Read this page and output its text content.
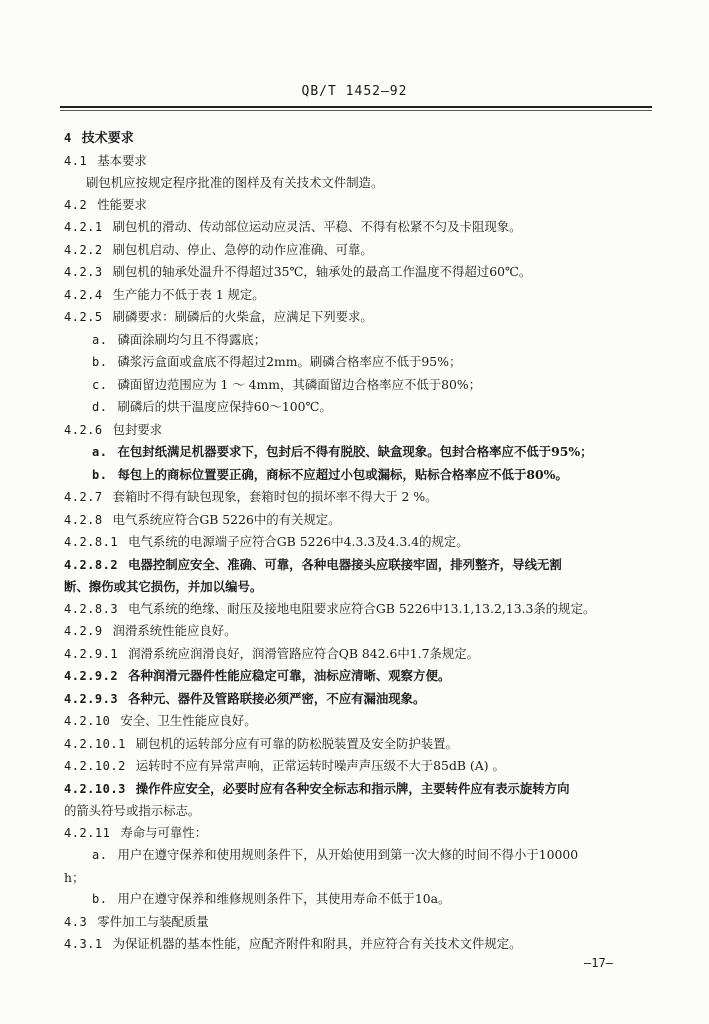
QB/T 1452—92
4 技术要求
4.1 基本要求
刷包机应按规定程序批准的图样及有关技术文件制造。
4.2 性能要求
4.2.1 刷包机的滑动、传动部位运动应灵活、平稳、不得有松紧不匀及卡阻现象。
4.2.2 刷包机启动、停止、急停的动作应准确、可靠。
4.2.3 刷包机的轴承处温升不得超过35℃，轴承处的最高工作温度不得超过60℃。
4.2.4 生产能力不低于表 1 规定。
4.2.5 刷磷要求：刷磷后的火柴盒，应满足下列要求。
a. 磷面涂刷均匀且不得露底；
b. 磷浆污盒面或盒底不得超过2mm。刷磷合格率应不低于95%；
c. 磷面留边范围应为 1 ～ 4mm，其磷面留边合格率应不低于80%；
d. 刷磷后的烘干温度应保持60～100℃。
4.2.6 包封要求
a. 在包封纸满足机器要求下，包封后不得有脱胶、缺盒现象。包封合格率应不低于95%；
b. 每包上的商标位置要正确，商标不应超过小包或漏标，贴标合格率应不低于80%。
4.2.7 套箱时不得有缺包现象，套箱时包的损坏率不得大于 2 %。
4.2.8 电气系统应符合GB 5226中的有关规定。
4.2.8.1 电气系统的电源端子应符合GB 5226中4.3.3及4.3.4的规定。
4.2.8.2 电器控制应安全、准确、可靠，各种电器接头应联接牢固，排列整齐，导线无割
断、擦伤或其它损伤，并加以编号。
4.2.8.3 电气系统的绝缘、耐压及接地电阻要求应符合GB 5226中13.1,13.2,13.3条的规定。
4.2.9 润滑系统性能应良好。
4.2.9.1 润滑系统应润滑良好，润滑管路应符合QB 842.6中1.7条规定。
4.2.9.2 各种润滑元器件性能应稳定可靠，油标应清晰、观察方便。
4.2.9.3 各种元、器件及管路联接必须严密，不应有漏油现象。
4.2.10 安全、卫生性能应良好。
4.2.10.1 刷包机的运转部分应有可靠的防松脱装置及安全防护装置。
4.2.10.2 运转时不应有异常声响，正常运转时噪声声压级不大于85dB (A) 。
4.2.10.3 操作件应安全，必要时应有各种安全标志和指示牌，主要转件应有表示旋转方向
的箭头符号或指示标志。
4.2.11 寿命与可靠性：
a. 用户在遵守保养和使用规则条件下，从开始使用到第一次大修的时间不得小于10000
h；
b. 用户在遵守保养和维修规则条件下，其使用寿命不低于10a。
4.3 零件加工与装配质量
4.3.1 为保证机器的基本性能，应配齐附件和附具，并应符合有关技术文件规定。
—17—
